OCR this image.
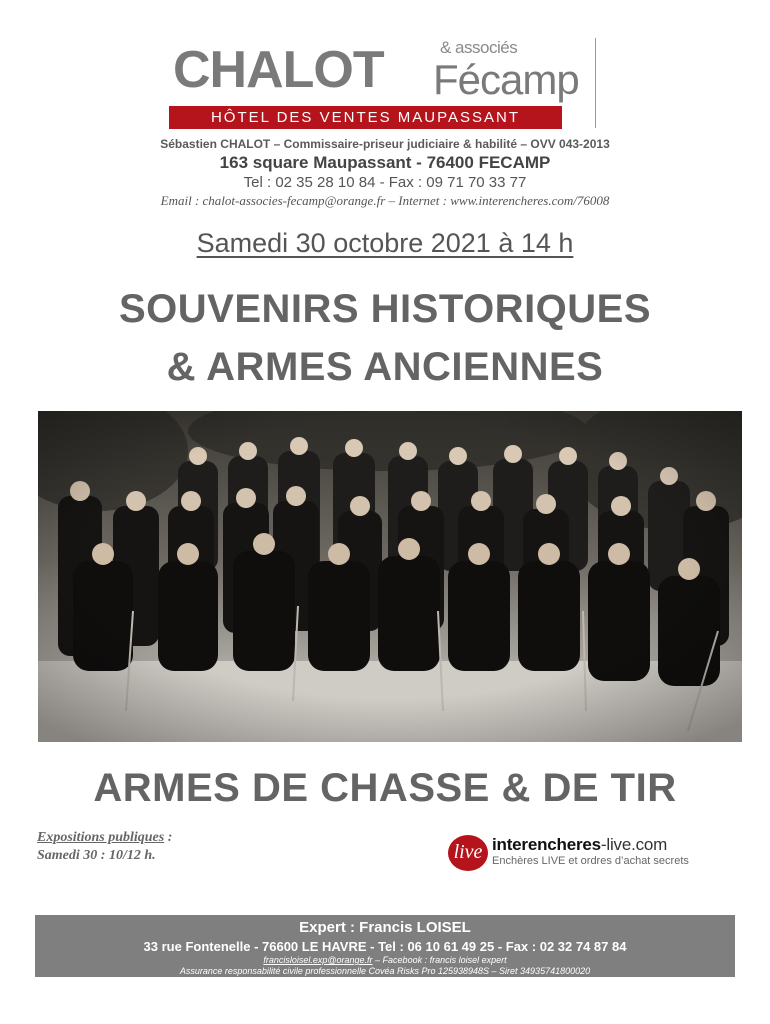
CHALOT	& associés
Fécamp
HÔTEL DES VENTES MAUPASSANT
Sébastien CHALOT – Commissaire-priseur judiciaire & habilité – OVV 043-2013
163 square Maupassant - 76400 FECAMP
Tel : 02 35 28 10 84 - Fax : 09 71 70 33 77
Email : chalot-associes-fecamp@orange.fr – Internet : www.interencheres.com/76008
Samedi 30 octobre 2021 à 14 h
SOUVENIRS HISTORIQUES
& ARMES ANCIENNES
ARMES DE CHASSE & DE TIR
Expositions publiques :
Samedi 30 : 10/12 h.	live interencheres-live.com
Enchères LIVE et ordres d’achat secrets
Expert : Francis LOISEL
33 rue Fontenelle - 76600 LE HAVRE - Tel : 06 10 61 49 25 - Fax : 02 32 74 87 84
francisloisel.exp@orange.fr – Facebook : francis loisel expert
Assurance responsabilité civile professionnelle Covéa Risks Pro 125938948S – Siret 34935741800020
